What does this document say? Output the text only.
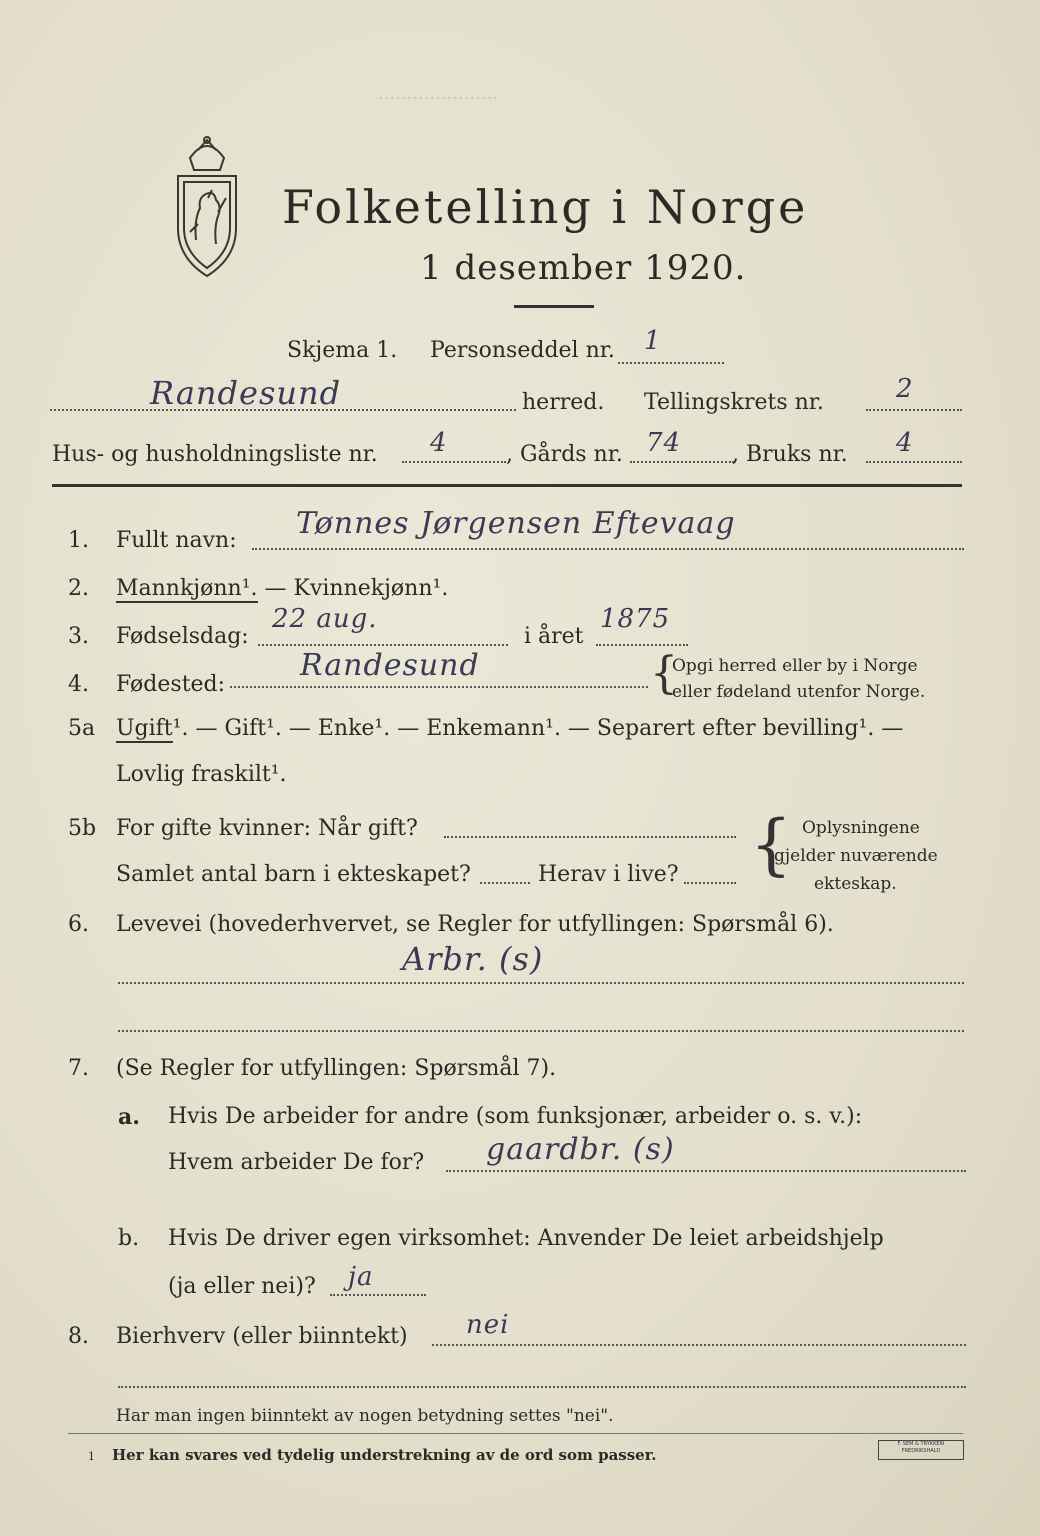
Folketelling i Norge
1 desember 1920.
·····················
Skjema 1. Personseddel nr. 1
Randesund	herred. Tellingskrets nr.	2
Hus- og husholdningsliste nr. 4	, Gårds nr. 74 , Bruks nr. 4
1. Fullt navn: Tønnes Jørgensen Eftevaag
2. Mannkjønn¹. — Kvinnekjønn¹.
3. Fødselsdag:
22 aug.
i året
1875
4. Fødested:
Randesund	{
Opgi herred eller by i Norge
eller fødeland utenfor Norge.
5a Ugift¹. — Gift¹. — Enke¹. — Enkemann¹. — Separert efter bevilling¹. —
Lovlig fraskilt¹.
5b For gifte kvinner: Når gift?
Samlet antal barn i ekteskapet?	Herav i live? { Oplysningene
gjelder nuværende
ekteskap.
6. Levevei (hovederhvervet, se Regler for utfyllingen: Spørsmål 6).
Arbr. (s)
7. (Se Regler for utfyllingen: Spørsmål 7).
a. Hvis De arbeider for andre (som funksjonær, arbeider o. s. v.):
Hvem arbeider De for? gaardbr. (s)
b. Hvis De driver egen virksomhet: Anvender De leiet arbeidshjelp
(ja eller nei)? ja
8. Bierhverv (eller biinntekt) nei
Har man ingen biinntekt av nogen betydning settes "nei".
1 Her kan svares ved tydelig understrekning av de ord som passer.
F. SEM & TRYKKERI
FREDRIKSHALD
